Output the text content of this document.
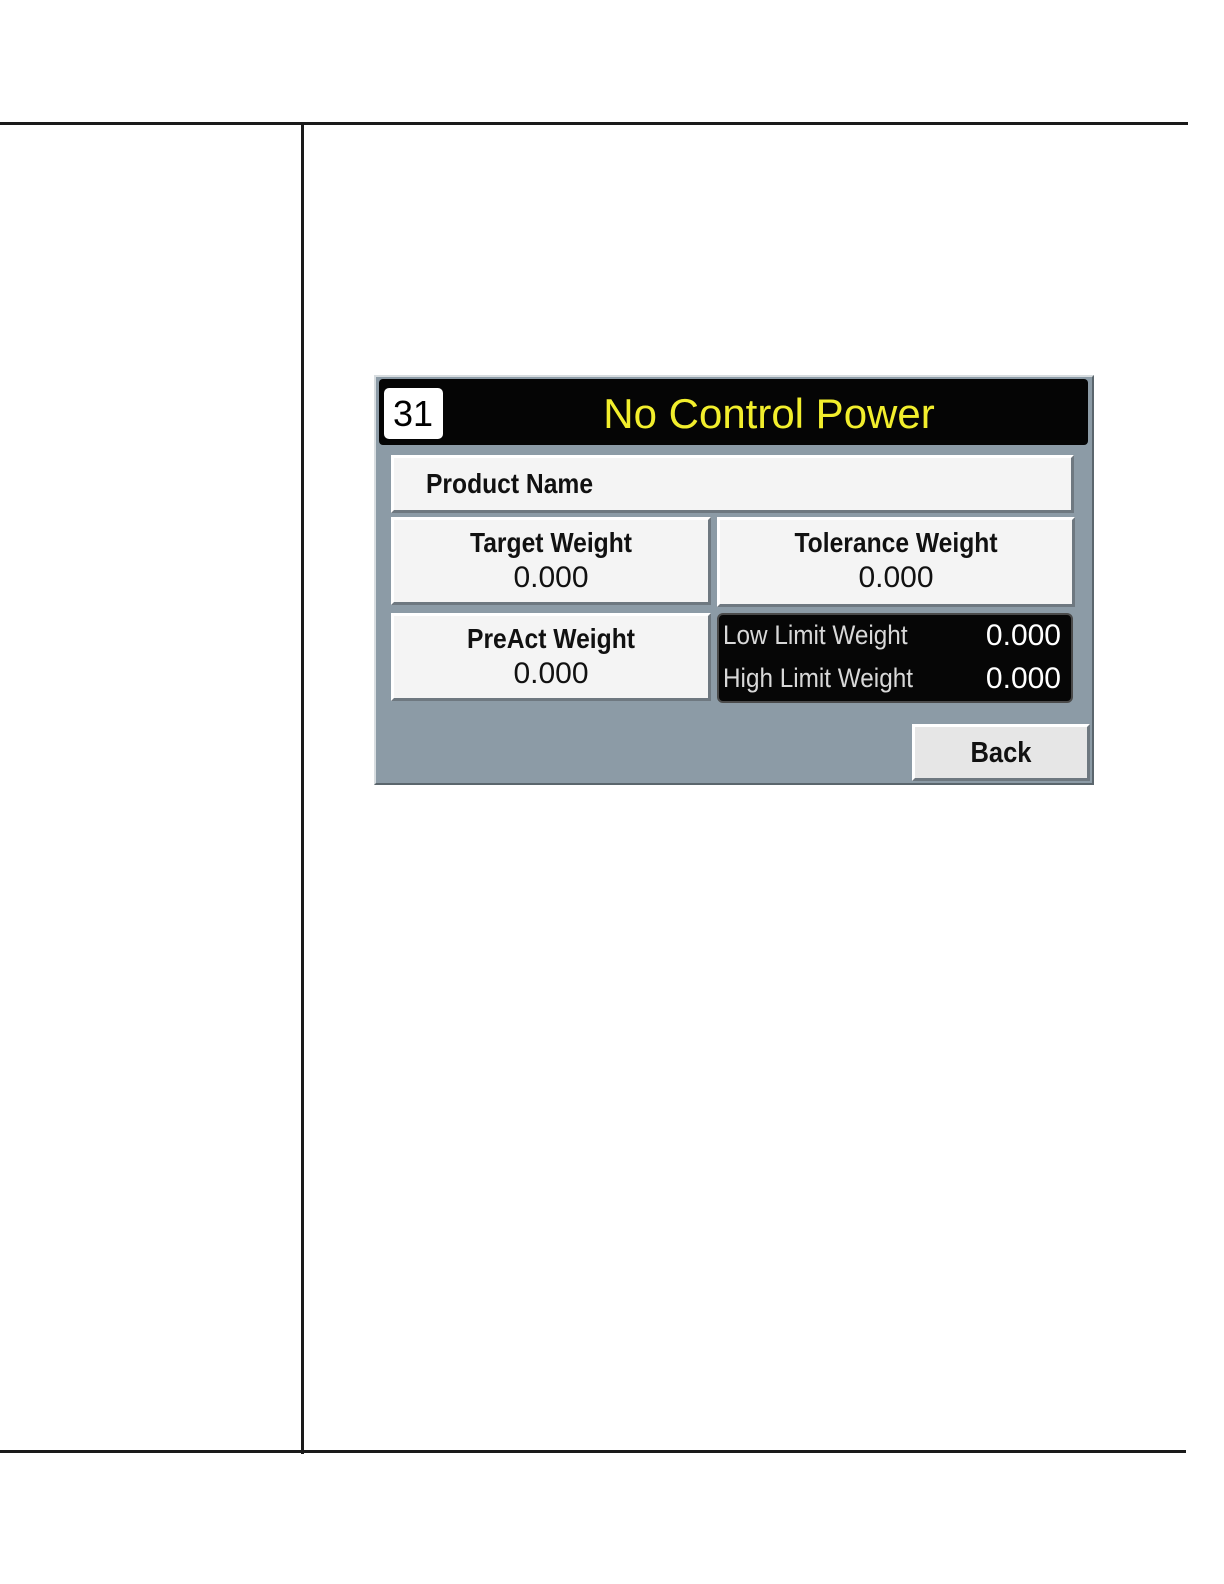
31	No Control Power
Product Name
Target Weight
0.000
Tolerance Weight
0.000
PreAct Weight
0.000
Low Limit Weight	0.000
High Limit Weight 0.000
Back
